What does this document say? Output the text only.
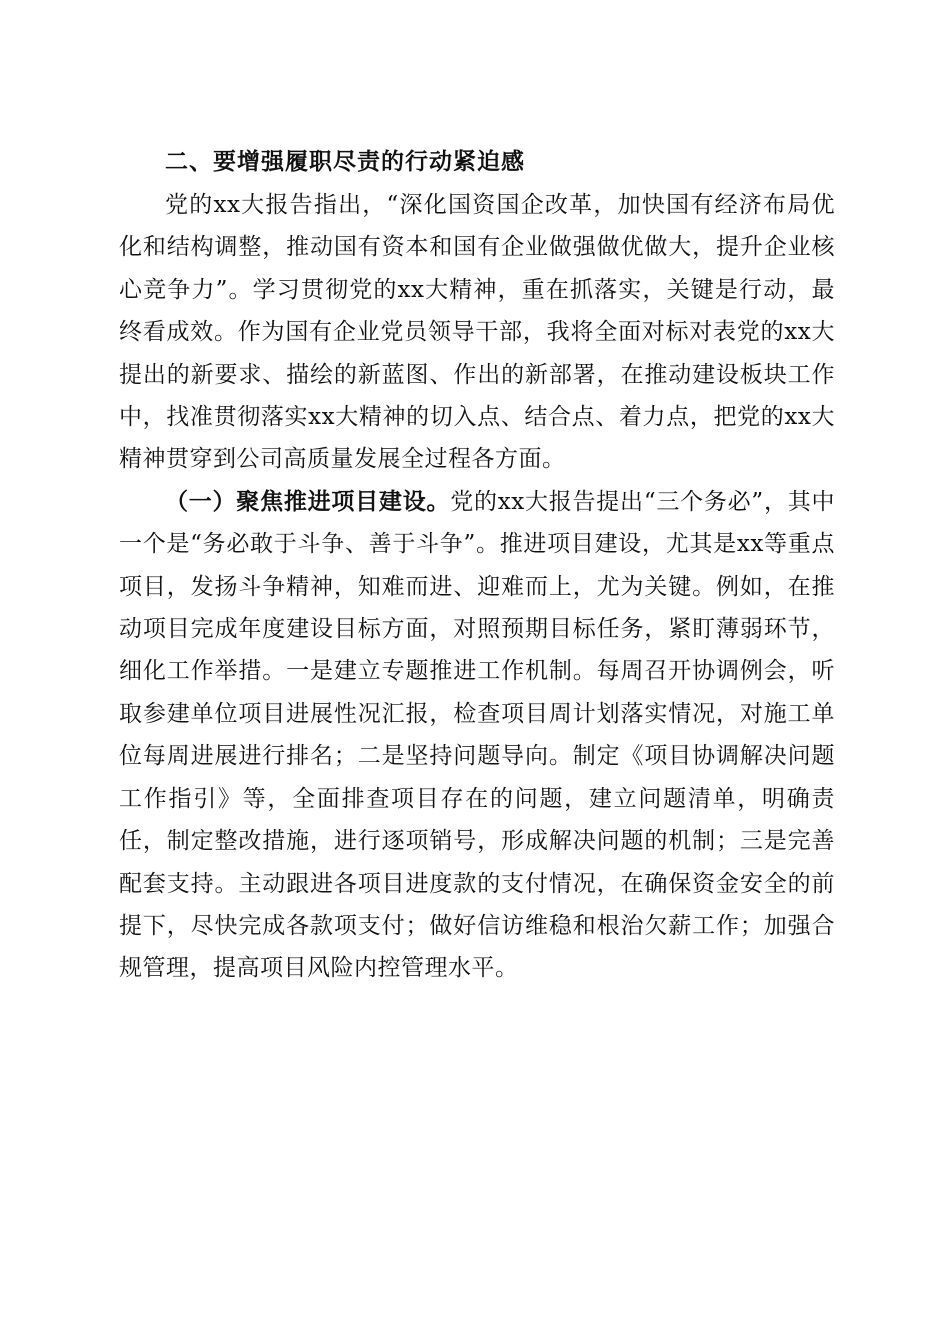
二、要增强履职尽责的行动紧迫感

党的xx大报告指出，“深化国资国企改革，加快国有经济布局优化和结构调整，推动国有资本和国有企业做强做优做大，提升企业核心竞争力”。学习贯彻党的xx大精神，重在抓落实，关键是行动，最终看成效。作为国有企业党员领导干部，我将全面对标对表党的xx大提出的新要求、描绘的新蓝图、作出的新部署，在推动建设板块工作中，找准贯彻落实xx大精神的切入点、结合点、着力点，把党的xx大精神贯穿到公司高质量发展全过程各方面。

（一）聚焦推进项目建设。党的xx大报告提出“三个务必”，其中一个是“务必敢于斗争、善于斗争”。推进项目建设，尤其是xx等重点项目，发扬斗争精神，知难而进、迎难而上，尤为关键。例如，在推动项目完成年度建设目标方面，对照预期目标任务，紧盯薄弱环节，细化工作举措。一是建立专题推进工作机制。每周召开协调例会，听取参建单位项目进展性况汇报，检查项目周计划落实情况，对施工单位每周进展进行排名；二是坚持问题导向。制定《项目协调解决问题工作指引》等，全面排查项目存在的问题，建立问题清单，明确责任，制定整改措施，进行逐项销号，形成解决问题的机制；三是完善配套支持。主动跟进各项目进度款的支付情况，在确保资金安全的前提下，尽快完成各款项支付；做好信访维稳和根治欠薪工作；加强合规管理，提高项目风险内控管理水平。
